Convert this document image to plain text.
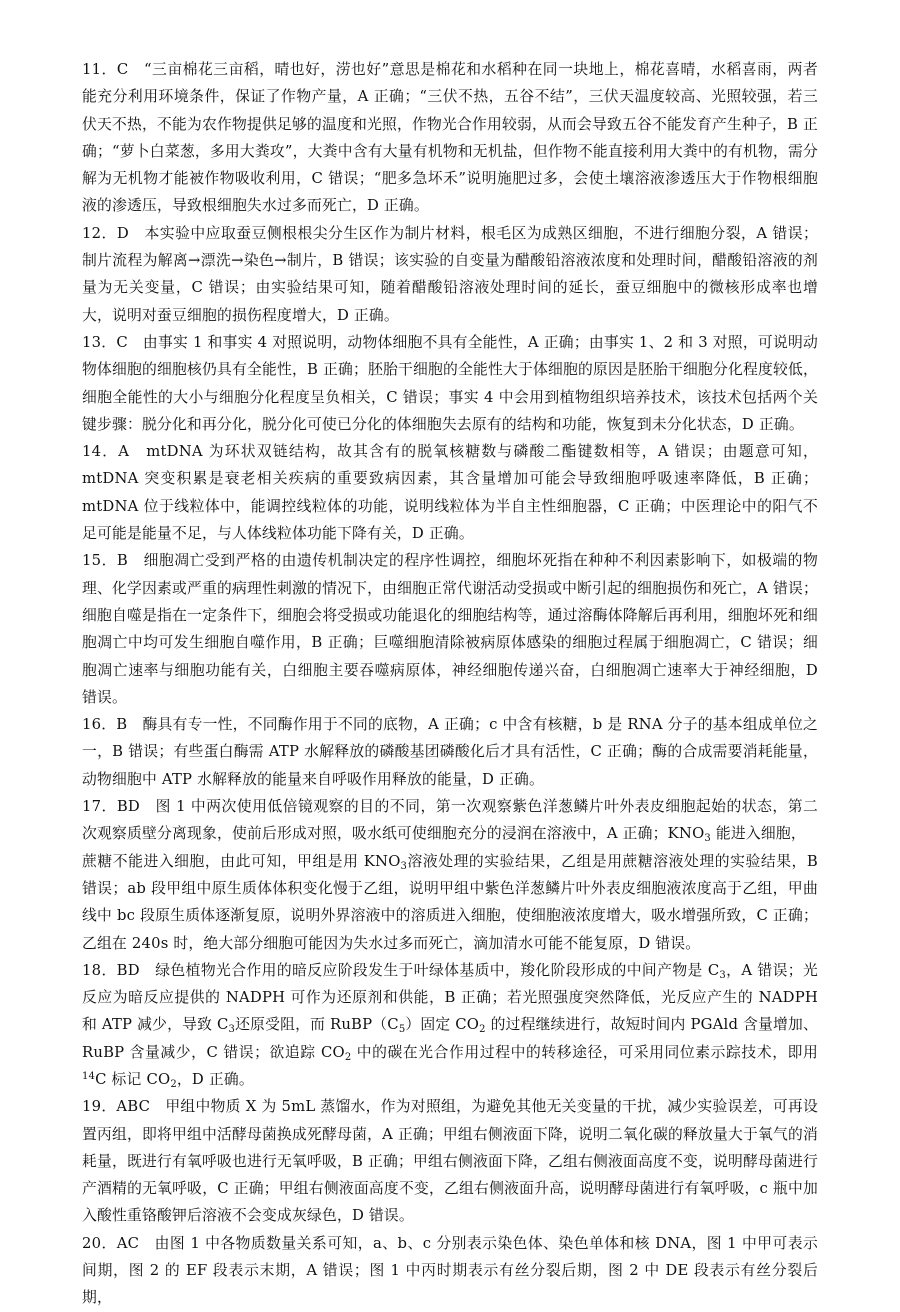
11．C　“三亩棉花三亩稻，晴也好，涝也好”意思是棉花和水稻种在同一块地上，棉花喜晴，水稻喜雨，两者能充分利用环境条件，保证了作物产量，A 正确；“三伏不热，五谷不结”，三伏天温度较高、光照较强，若三伏天不热，不能为农作物提供足够的温度和光照，作物光合作用较弱，从而会导致五谷不能发育产生种子，B 正确；“萝卜白菜葱，多用大粪攻”，大粪中含有大量有机物和无机盐，但作物不能直接利用大粪中的有机物，需分解为无机物才能被作物吸收利用，C 错误；“肥多急坏禾”说明施肥过多，会使土壤溶液渗透压大于作物根细胞液的渗透压，导致根细胞失水过多而死亡，D 正确。

12．D　本实验中应取蚕豆侧根根尖分生区作为制片材料，根毛区为成熟区细胞，不进行细胞分裂，A 错误；制片流程为解离→漂洗→染色→制片，B 错误；该实验的自变量为醋酸铅溶液浓度和处理时间，醋酸铅溶液的剂量为无关变量，C 错误；由实验结果可知，随着醋酸铅溶液处理时间的延长，蚕豆细胞中的微核形成率也增大，说明对蚕豆细胞的损伤程度增大，D 正确。

13．C　由事实 1 和事实 4 对照说明，动物体细胞不具有全能性，A 正确；由事实 1、2 和 3 对照，可说明动物体细胞的细胞核仍具有全能性，B 正确；胚胎干细胞的全能性大于体细胞的原因是胚胎干细胞分化程度较低，细胞全能性的大小与细胞分化程度呈负相关，C 错误；事实 4 中会用到植物组织培养技术，该技术包括两个关键步骤：脱分化和再分化，脱分化可使已分化的体细胞失去原有的结构和功能，恢复到未分化状态，D 正确。

14．A　mtDNA 为环状双链结构，故其含有的脱氧核糖数与磷酸二酯键数相等，A 错误；由题意可知，mtDNA 突变积累是衰老相关疾病的重要致病因素，其含量增加可能会导致细胞呼吸速率降低，B 正确；mtDNA 位于线粒体中，能调控线粒体的功能，说明线粒体为半自主性细胞器，C 正确；中医理论中的阳气不足可能是能量不足，与人体线粒体功能下降有关，D 正确。

15．B　细胞凋亡受到严格的由遗传机制决定的程序性调控，细胞坏死指在种种不利因素影响下，如极端的物理、化学因素或严重的病理性刺激的情况下，由细胞正常代谢活动受损或中断引起的细胞损伤和死亡，A 错误；细胞自噬是指在一定条件下，细胞会将受损或功能退化的细胞结构等，通过溶酶体降解后再利用，细胞坏死和细胞凋亡中均可发生细胞自噬作用，B 正确；巨噬细胞清除被病原体感染的细胞过程属于细胞凋亡，C 错误；细胞凋亡速率与细胞功能有关，白细胞主要吞噬病原体，神经细胞传递兴奋，白细胞凋亡速率大于神经细胞，D 错误。

16．B　酶具有专一性，不同酶作用于不同的底物，A 正确；c 中含有核糖，b 是 RNA 分子的基本组成单位之一，B 错误；有些蛋白酶需 ATP 水解释放的磷酸基团磷酸化后才具有活性，C 正确；酶的合成需要消耗能量，动物细胞中 ATP 水解释放的能量来自呼吸作用释放的能量，D 正确。

17．BD　图 1 中两次使用低倍镜观察的目的不同，第一次观察紫色洋葱鳞片叶外表皮细胞起始的状态，第二次观察质壁分离现象，使前后形成对照，吸水纸可使细胞充分的浸润在溶液中，A 正确；$KNO_3$ 能进入细胞，
蔗糖不能进入细胞，由此可知，甲组是用 $KNO_3$溶液处理的实验结果，乙组是用蔗糖溶液处理的实验结果，B 错误；ab 段甲组中原生质体体积变化慢于乙组，说明甲组中紫色洋葱鳞片叶外表皮细胞液浓度高于乙组，甲曲线中 bc 段原生质体逐渐复原，说明外界溶液中的溶质进入细胞，使细胞液浓度增大，吸水增强所致，C 正确；乙组在 240s 时，绝大部分细胞可能因为失水过多而死亡，滴加清水可能不能复原，D 错误。

18．BD　绿色植物光合作用的暗反应阶段发生于叶绿体基质中，羧化阶段形成的中间产物是 $C_3$，A 错误；光反应为暗反应提供的 NADPH 可作为还原剂和供能，B 正确；若光照强度突然降低，光反应产生的 NADPH 和 ATP 减少，导致 $C_3$还原受阻，而 $RuBP(C_5)$固定 $CO_2$ 的过程继续进行，故短时间内 PGAld 含量增加、RuBP 含量减少，C 错误；欲追踪 $CO_2$ 中的碳在光合作用过程中的转移途径，可采用同位素示踪技术，即用 $^{14}$C 标记 $CO_2$，D 正确。

19．ABC　甲组中物质 X 为 5mL 蒸馏水，作为对照组，为避免其他无关变量的干扰，减少实验误差，可再设置丙组，即将甲组中活酵母菌换成死酵母菌，A 正确；甲组右侧液面下降，说明二氧化碳的释放量大于氧气的消耗量，既进行有氧呼吸也进行无氧呼吸，B 正确；甲组右侧液面下降，乙组右侧液面高度不变，说明酵母菌进行产酒精的无氧呼吸，C 正确；甲组右侧液面高度不变，乙组右侧液面升高，说明酵母菌进行有氧呼吸，c 瓶中加入酸性重铬酸钾后溶液不会变成灰绿色，D 错误。

20．AC　由图 1 中各物质数量关系可知，a、b、c 分别表示染色体、染色单体和核 DNA，图 1 中甲可表示间期，图 2 的 EF 段表示末期，A 错误；图 1 中丙时期表示有丝分裂后期，图 2 中 DE 段表示有丝分裂后期，
